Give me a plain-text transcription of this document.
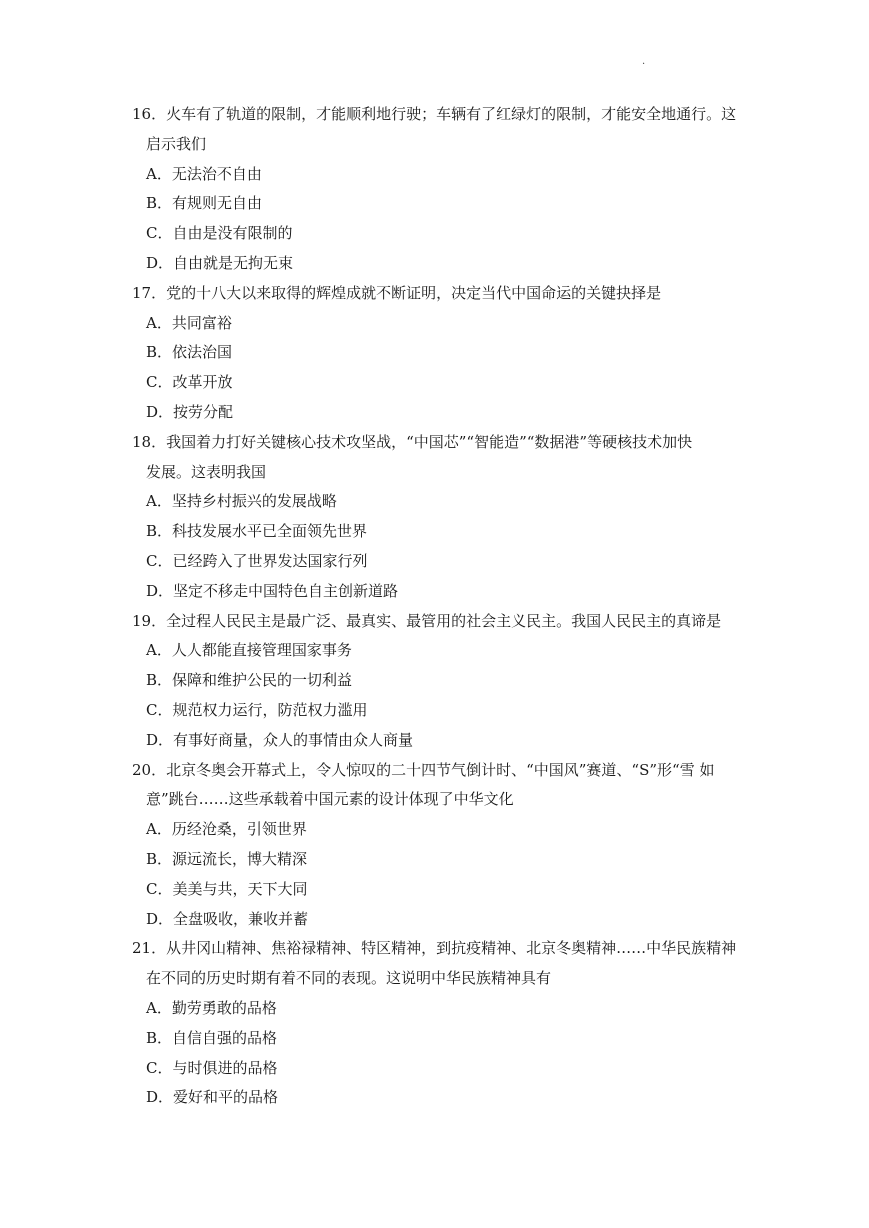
.
16．火车有了轨道的限制，才能顺利地行驶；车辆有了红绿灯的限制，才能安全地通行。这
启示我们
A．无法治不自由
B．有规则无自由
C．自由是没有限制的
D．自由就是无拘无束
17．党的十八大以来取得的辉煌成就不断证明，决定当代中国命运的关键抉择是
A．共同富裕
B．依法治国
C．改革开放
D．按劳分配
18．我国着力打好关键核心技术攻坚战，“中国芯”“智能造”“数据港”等硬核技术加快
发展。这表明我国
A．坚持乡村振兴的发展战略
B．科技发展水平已全面领先世界
C．已经跨入了世界发达国家行列
D．坚定不移走中国特色自主创新道路
19．全过程人民民主是最广泛、最真实、最管用的社会主义民主。我国人民民主的真谛是
A．人人都能直接管理国家事务
B．保障和维护公民的一切利益
C．规范权力运行，防范权力滥用
D．有事好商量，众人的事情由众人商量
20．北京冬奥会开幕式上，令人惊叹的二十四节气倒计时、“中国风”赛道、“S”形“雪 如
意”跳台……这些承载着中国元素的设计体现了中华文化
A．历经沧桑，引领世界
B．源远流长，博大精深
C．美美与共，天下大同
D．全盘吸收，兼收并蓄
21．从井冈山精神、焦裕禄精神、特区精神，到抗疫精神、北京冬奥精神……中华民族精神
在不同的历史时期有着不同的表现。这说明中华民族精神具有
A．勤劳勇敢的品格
B．自信自强的品格
C．与时俱进的品格
D．爱好和平的品格
